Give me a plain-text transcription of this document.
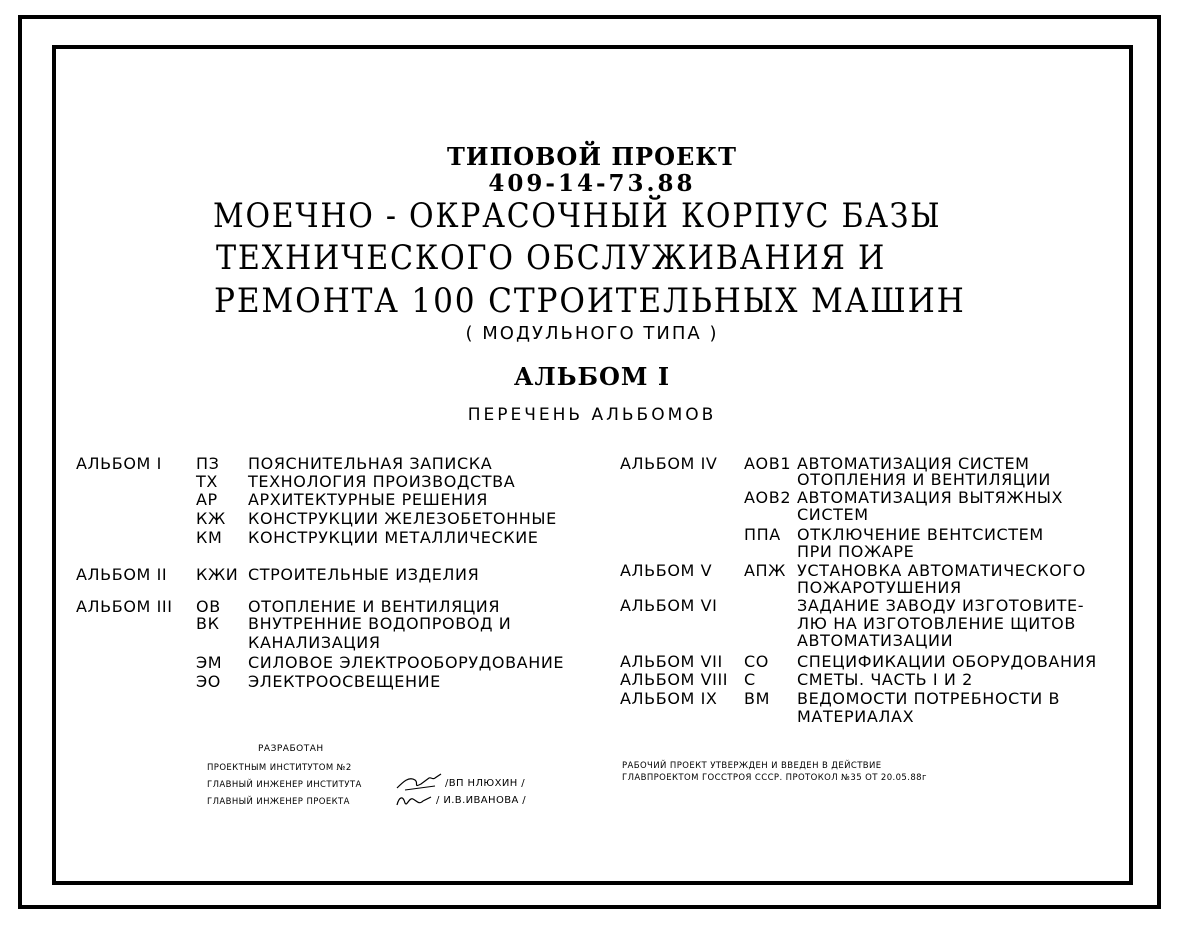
ТИПОВОЙ ПРОЕКТ
409-14-73.88
МОЕЧНО - ОКРАСОЧНЫЙ КОРПУС БАЗЫ
ТЕХНИЧЕСКОГО ОБСЛУЖИВАНИЯ И
РЕМОНТА 100 СТРОИТЕЛЬНЫХ МАШИН
( МОДУЛЬНОГО ТИПА )
АЛЬБОМ I
ПЕРЕЧЕНЬ АЛЬБОМОВ
АЛЬБОМ I ПЗ ПОЯСНИТЕЛЬНАЯ ЗАПИСКА
ТХ ТЕХНОЛОГИЯ ПРОИЗВОДСТВА
АР АРХИТЕКТУРНЫЕ РЕШЕНИЯ
КЖ КОНСТРУКЦИИ ЖЕЛЕЗОБЕТОННЫЕ
КМ КОНСТРУКЦИИ МЕТАЛЛИЧЕСКИЕ
АЛЬБОМ II КЖИ СТРОИТЕЛЬНЫЕ ИЗДЕЛИЯ
АЛЬБОМ III ОВ ОТОПЛЕНИЕ И ВЕНТИЛЯЦИЯ
ВК ВНУТРЕННИЕ ВОДОПРОВОД И
КАНАЛИЗАЦИЯ
ЭМ СИЛОВОЕ ЭЛЕКТРООБОРУДОВАНИЕ
ЭО ЭЛЕКТРООСВЕЩЕНИЕ
АЛЬБОМ IV АОВ1 АВТОМАТИЗАЦИЯ СИСТЕМ
ОТОПЛЕНИЯ И ВЕНТИЛЯЦИИ
АОВ2 АВТОМАТИЗАЦИЯ ВЫТЯЖНЫХ
СИСТЕМ
ППА ОТКЛЮЧЕНИЕ ВЕНТСИСТЕМ
ПРИ ПОЖАРЕ
АЛЬБОМ V АПЖ УСТАНОВКА АВТОМАТИЧЕСКОГО
ПОЖАРОТУШЕНИЯ
АЛЬБОМ VI	ЗАДАНИЕ ЗАВОДУ ИЗГОТОВИТЕ-
ЛЮ НА ИЗГОТОВЛЕНИЕ ЩИТОВ
АВТОМАТИЗАЦИИ
АЛЬБОМ VII СО СПЕЦИФИКАЦИИ ОБОРУДОВАНИЯ
АЛЬБОМ VIII С	СМЕТЫ. ЧАСТЬ I И 2
АЛЬБОМ IX ВМ ВЕДОМОСТИ ПОТРЕБНОСТИ В
МАТЕРИАЛАХ
РАЗРАБОТАН
ПРОЕКТНЫМ ИНСТИТУТОМ №2
ГЛАВНЫЙ ИНЖЕНЕР ИНСТИТУТА	/ВП НЛЮХИН /
ГЛАВНЫЙ ИНЖЕНЕР ПРОЕКТА	/ И.В.ИВАНОВА /
РАБОЧИЙ ПРОЕКТ УТВЕРЖДЕН И ВВЕДЕН В ДЕЙСТВИЕ
ГЛАВПРОЕКТОМ ГОССТРОЯ СССР. ПРОТОКОЛ №35 ОТ 20.05.88г
